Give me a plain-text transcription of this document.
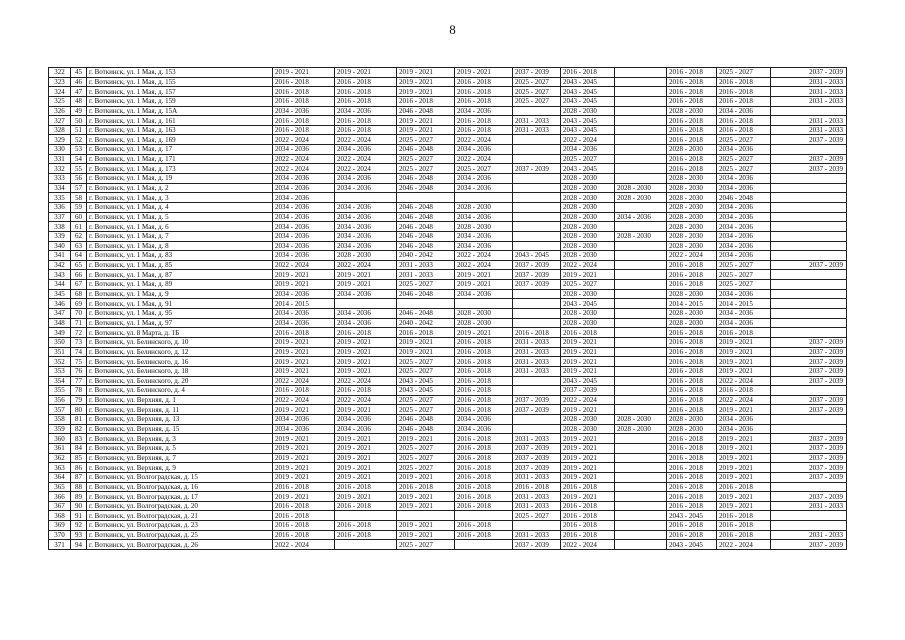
8
322	45	г. Воткинск, ул. 1 Мая, д. 153	2019 - 2021	2019 - 2021	2019 - 2021	2019 - 2021	2037 - 2039	2016 - 2018		2016 - 2018	2025 - 2027	2037 - 2039
323	46	г. Воткинск, ул. 1 Мая, д. 155	2016 - 2018	2016 - 2018	2019 - 2021	2016 - 2018	2025 - 2027	2043 - 2045		2016 - 2018	2016 - 2018	2031 - 2033
324	47	г. Воткинск, ул. 1 Мая, д. 157	2016 - 2018	2016 - 2018	2019 - 2021	2016 - 2018	2025 - 2027	2043 - 2045		2016 - 2018	2016 - 2018	2031 - 2033
325	48	г. Воткинск, ул. 1 Мая, д. 159	2016 - 2018	2016 - 2018	2016 - 2018	2016 - 2018	2025 - 2027	2043 - 2045		2016 - 2018	2016 - 2018	2031 - 2033
326	49	г. Воткинск, ул. 1 Мая, д. 15А	2034 - 2036	2034 - 2036	2046 - 2048	2034 - 2036		2028 - 2030		2028 - 2030	2034 - 2036	
327	50	г. Воткинск, ул. 1 Мая, д. 161	2016 - 2018	2016 - 2018	2019 - 2021	2016 - 2018	2031 - 2033	2043 - 2045		2016 - 2018	2016 - 2018	2031 - 2033
328	51	г. Воткинск, ул. 1 Мая, д. 163	2016 - 2018	2016 - 2018	2019 - 2021	2016 - 2018	2031 - 2033	2043 - 2045		2016 - 2018	2016 - 2018	2031 - 2033
329	52	г. Воткинск, ул. 1 Мая, д. 169	2022 - 2024	2022 - 2024	2025 - 2027	2022 - 2024		2022 - 2024		2016 - 2018	2025 - 2027	2037 - 2039
330	53	г. Воткинск, ул. 1 Мая, д. 17	2034 - 2036	2034 - 2036	2046 - 2048	2034 - 2036		2034 - 2036		2028 - 2030	2034 - 2036	
331	54	г. Воткинск, ул. 1 Мая, д. 171	2022 - 2024	2022 - 2024	2025 - 2027	2022 - 2024		2025 - 2027		2016 - 2018	2025 - 2027	2037 - 2039
332	55	г. Воткинск, ул. 1 Мая, д. 173	2022 - 2024	2022 - 2024	2025 - 2027	2025 - 2027	2037 - 2039	2043 - 2045		2016 - 2018	2025 - 2027	2037 - 2039
333	56	г. Воткинск, ул. 1 Мая, д. 19	2034 - 2036	2034 - 2036	2046 - 2048	2034 - 2036		2028 - 2030		2028 - 2030	2034 - 2036	
334	57	г. Воткинск, ул. 1 Мая, д. 2	2034 - 2036	2034 - 2036	2046 - 2048	2034 - 2036		2028 - 2030	2028 - 2030	2028 - 2030	2034 - 2036	
335	58	г. Воткинск, ул. 1 Мая, д. 3	2034 - 2036					2028 - 2030	2028 - 2030	2028 - 2030	2046 - 2048	
336	59	г. Воткинск, ул. 1 Мая, д. 4	2034 - 2036	2034 - 2036	2046 - 2048	2028 - 2030		2028 - 2030		2028 - 2030	2034 - 2036	
337	60	г. Воткинск, ул. 1 Мая, д. 5	2034 - 2036	2034 - 2036	2046 - 2048	2034 - 2036		2028 - 2030	2034 - 2036	2028 - 2030	2034 - 2036	
338	61	г. Воткинск, ул. 1 Мая, д. 6	2034 - 2036	2034 - 2036	2046 - 2048	2028 - 2030		2028 - 2030		2028 - 2030	2034 - 2036	
339	62	г. Воткинск, ул. 1 Мая, д. 7	2034 - 2036	2034 - 2036	2046 - 2048	2034 - 2036		2028 - 2030	2028 - 2030	2028 - 2030	2034 - 2036	
340	63	г. Воткинск, ул. 1 Мая, д. 8	2034 - 2036	2034 - 2036	2046 - 2048	2034 - 2036		2028 - 2030		2028 - 2030	2034 - 2036	
341	64	г. Воткинск, ул. 1 Мая, д. 83	2034 - 2036	2028 - 2030	2040 - 2042	2022 - 2024	2043 - 2045	2028 - 2030		2022 - 2024	2034 - 2036	
342	65	г. Воткинск, ул. 1 Мая, д. 85	2022 - 2024	2022 - 2024	2031 - 2033	2022 - 2024	2037 - 2039	2022 - 2024		2016 - 2018	2025 - 2027	2037 - 2039
343	66	г. Воткинск, ул. 1 Мая, д. 87	2019 - 2021	2019 - 2021	2031 - 2033	2019 - 2021	2037 - 2039	2019 - 2021		2016 - 2018	2025 - 2027	
344	67	г. Воткинск, ул. 1 Мая, д. 89	2019 - 2021	2019 - 2021	2025 - 2027	2019 - 2021	2037 - 2039	2025 - 2027		2016 - 2018	2025 - 2027	
345	68	г. Воткинск, ул. 1 Мая, д. 9	2034 - 2036	2034 - 2036	2046 - 2048	2034 - 2036		2028 - 2030		2028 - 2030	2034 - 2036	
346	69	г. Воткинск, ул. 1 Мая, д. 91	2014 - 2015					2043 - 2045		2014 - 2015	2014 - 2015	
347	70	г. Воткинск, ул. 1 Мая, д. 95	2034 - 2036	2034 - 2036	2046 - 2048	2028 - 2030		2028 - 2030		2028 - 2030	2034 - 2036	
348	71	г. Воткинск, ул. 1 Мая, д. 97	2034 - 2036	2034 - 2036	2040 - 2042	2028 - 2030		2028 - 2030		2028 - 2030	2034 - 2036	
349	72	г. Воткинск, ул. 8 Марта, д. 1Б	2016 - 2018	2016 - 2018	2016 - 2018	2019 - 2021	2016 - 2018	2016 - 2018		2016 - 2018	2016 - 2018	
350	73	г. Воткинск, ул. Белинского, д. 10	2019 - 2021	2019 - 2021	2019 - 2021	2016 - 2018	2031 - 2033	2019 - 2021		2016 - 2018	2019 - 2021	2037 - 2039
351	74	г. Воткинск, ул. Белинского, д. 12	2019 - 2021	2019 - 2021	2019 - 2021	2016 - 2018	2031 - 2033	2019 - 2021		2016 - 2018	2019 - 2021	2037 - 2039
352	75	г. Воткинск, ул. Белинского, д. 16	2019 - 2021	2019 - 2021	2025 - 2027	2016 - 2018	2031 - 2033	2019 - 2021		2016 - 2018	2019 - 2021	2037 - 2039
353	76	г. Воткинск, ул. Белинского, д. 18	2019 - 2021	2019 - 2021	2025 - 2027	2016 - 2018	2031 - 2033	2019 - 2021		2016 - 2018	2019 - 2021	2037 - 2039
354	77	г. Воткинск, ул. Белинского, д. 20	2022 - 2024	2022 - 2024	2043 - 2045	2016 - 2018		2043 - 2045		2016 - 2018	2022 - 2024	2037 - 2039
355	78	г. Воткинск, ул. Белинского, д. 4	2016 - 2018	2016 - 2018	2043 - 2045	2016 - 2018		2037 - 2039		2016 - 2018	2016 - 2018	
356	79	г. Воткинск, ул. Верхняя, д. 1	2022 - 2024	2022 - 2024	2025 - 2027	2016 - 2018	2037 - 2039	2022 - 2024		2016 - 2018	2022 - 2024	2037 - 2039
357	80	г. Воткинск, ул. Верхняя, д. 11	2019 - 2021	2019 - 2021	2025 - 2027	2016 - 2018	2037 - 2039	2019 - 2021		2016 - 2018	2019 - 2021	2037 - 2039
358	81	г. Воткинск, ул. Верхняя, д. 13	2034 - 2036	2034 - 2036	2046 - 2048	2034 - 2036		2028 - 2030	2028 - 2030	2028 - 2030	2034 - 2036	
359	82	г. Воткинск, ул. Верхняя, д. 15	2034 - 2036	2034 - 2036	2046 - 2048	2034 - 2036		2028 - 2030	2028 - 2030	2028 - 2030	2034 - 2036	
360	83	г. Воткинск, ул. Верхняя, д. 3	2019 - 2021	2019 - 2021	2019 - 2021	2016 - 2018	2031 - 2033	2019 - 2021		2016 - 2018	2019 - 2021	2037 - 2039
361	84	г. Воткинск, ул. Верхняя, д. 5	2019 - 2021	2019 - 2021	2025 - 2027	2016 - 2018	2037 - 2039	2019 - 2021		2016 - 2018	2019 - 2021	2037 - 2039
362	85	г. Воткинск, ул. Верхняя, д. 7	2019 - 2021	2019 - 2021	2025 - 2027	2016 - 2018	2037 - 2039	2019 - 2021		2016 - 2018	2019 - 2021	2037 - 2039
363	86	г. Воткинск, ул. Верхняя, д. 9	2019 - 2021	2019 - 2021	2025 - 2027	2016 - 2018	2037 - 2039	2019 - 2021		2016 - 2018	2019 - 2021	2037 - 2039
364	87	г. Воткинск, ул. Волгоградская, д. 15	2019 - 2021	2019 - 2021	2019 - 2021	2016 - 2018	2031 - 2033	2019 - 2021		2016 - 2018	2019 - 2021	2037 - 2039
365	88	г. Воткинск, ул. Волгоградская, д. 16	2016 - 2018	2016 - 2018	2016 - 2018	2016 - 2018	2016 - 2018	2016 - 2018		2016 - 2018	2016 - 2018	
366	89	г. Воткинск, ул. Волгоградская, д. 17	2019 - 2021	2019 - 2021	2019 - 2021	2016 - 2018	2031 - 2033	2019 - 2021		2016 - 2018	2019 - 2021	2037 - 2039
367	90	г. Воткинск, ул. Волгоградская, д. 20	2016 - 2018	2016 - 2018	2019 - 2021	2016 - 2018	2031 - 2033	2016 - 2018		2016 - 2018	2019 - 2021	2031 - 2033
368	91	г. Воткинск, ул. Волгоградская, д. 21	2016 - 2018				2025 - 2027	2016 - 2018		2043 - 2045	2016 - 2018	
369	92	г. Воткинск, ул. Волгоградская, д. 23	2016 - 2018	2016 - 2018	2019 - 2021	2016 - 2018		2016 - 2018		2016 - 2018	2016 - 2018	
370	93	г. Воткинск, ул. Волгоградская, д. 25	2016 - 2018	2016 - 2018	2019 - 2021	2016 - 2018	2031 - 2033	2016 - 2018		2016 - 2018	2016 - 2018	2031 - 2033
371	94	г. Воткинск, ул. Волгоградская, д. 26	2022 - 2024		2025 - 2027		2037 - 2039	2022 - 2024		2043 - 2045	2022 - 2024	2037 - 2039
